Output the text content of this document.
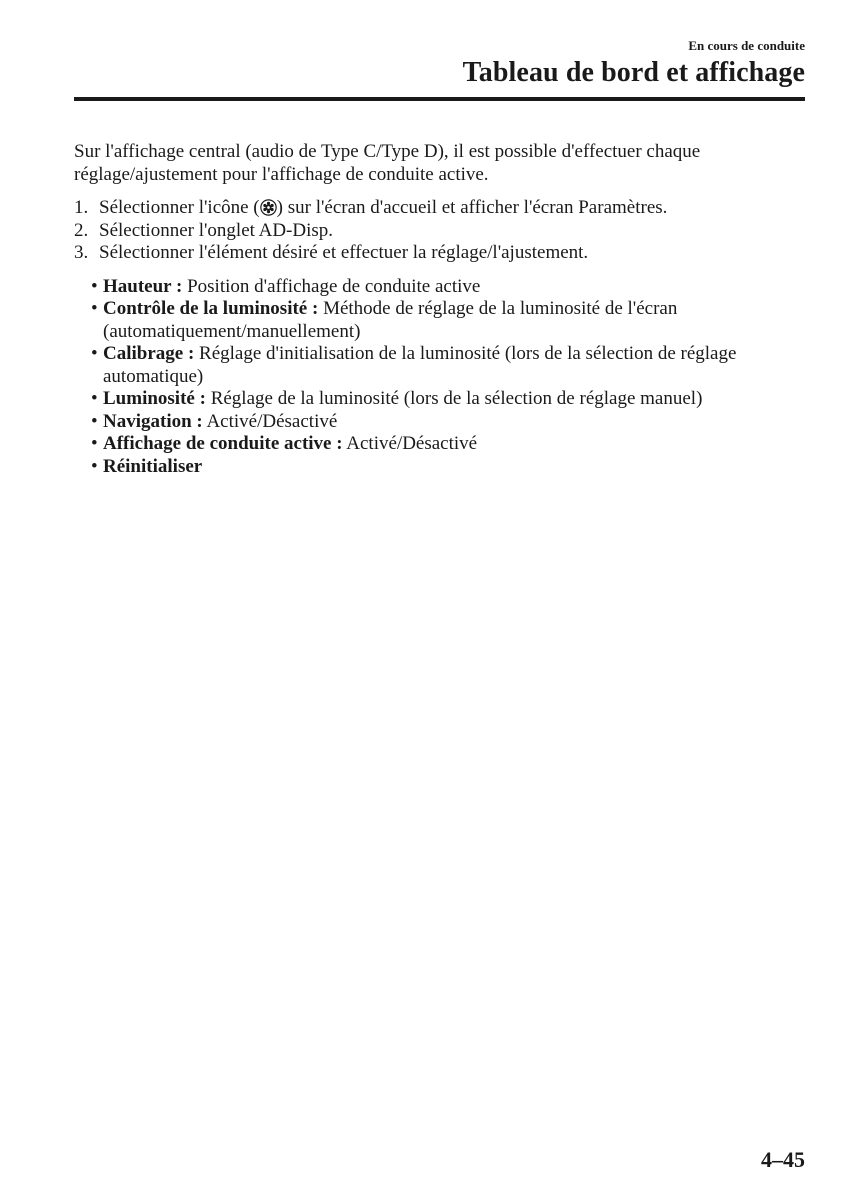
En cours de conduite
Tableau de bord et affichage

Sur l'affichage central (audio de Type C/Type D), il est possible d'effectuer chaque réglage/ajustement pour l'affichage de conduite active.

1. Sélectionner l'icône ( ) sur l'écran d'accueil et afficher l'écran Paramètres.
2. Sélectionner l'onglet AD-Disp.
3. Sélectionner l'élément désiré et effectuer la réglage/l'ajustement.
• Hauteur : Position d'affichage de conduite active
• Contrôle de la luminosité : Méthode de réglage de la luminosité de l'écran (automatiquement/manuellement)
• Calibrage : Réglage d'initialisation de la luminosité (lors de la sélection de réglage automatique)
• Luminosité : Réglage de la luminosité (lors de la sélection de réglage manuel)
• Navigation : Activé/Désactivé
• Affichage de conduite active : Activé/Désactivé
• Réinitialiser
4–45
